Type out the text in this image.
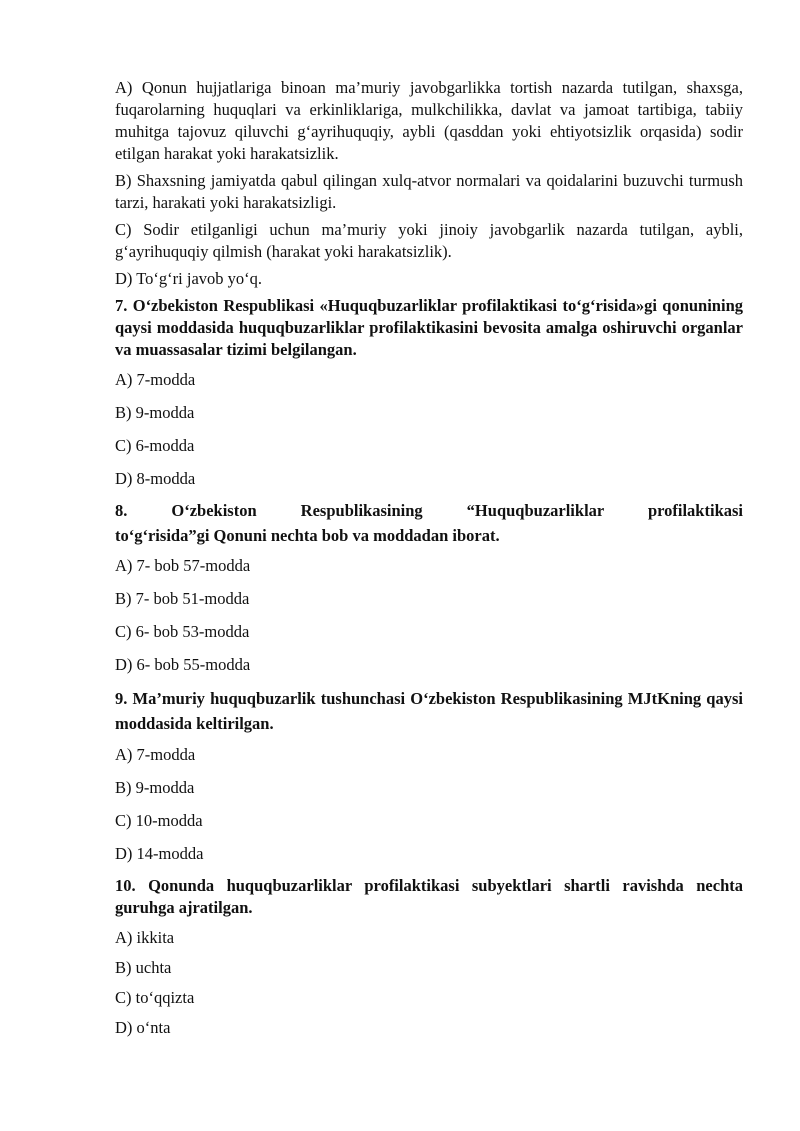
A) Qonun hujjatlariga binoan ma’muriy javobgarlikka tortish nazarda tutilgan, shaxsga, fuqarolarning huquqlari va erkinliklariga, mulkchilikka, davlat va jamoat tartibiga, tabiiy muhitga tajovuz qiluvchi g‘ayrihuquqiy, aybli (qasddan yoki ehtiyotsizlik orqasida) sodir etilgan harakat yoki harakatsizlik.

B) Shaxsning jamiyatda qabul qilingan xulq-atvor normalari va qoidalarini buzuvchi turmush tarzi, harakati yoki harakatsizligi.

C) Sodir etilganligi uchun ma’muriy yoki jinoiy javobgarlik nazarda tutilgan, aybli, g‘ayrihuquqiy qilmish (harakat yoki harakatsizlik).

D) To‘g‘ri javob yo‘q.

7. O‘zbekiston Respublikasi «Huquqbuzarliklar profilaktikasi to‘g‘risida»gi qonunining qaysi moddasida huquqbuzarliklar profilaktikasini bevosita amalga oshiruvchi organlar va muassasalar tizimi belgilangan.

A) 7-modda

B) 9-modda

C) 6-modda

D) 8-modda

8. O‘zbekiston Respublikasining “Huquqbuzarliklar profilaktikasi

to‘g‘risida”gi Qonuni nechta bob va moddadan iborat.

A) 7- bob 57-modda

B) 7- bob 51-modda

C) 6- bob 53-modda

D) 6- bob 55-modda

9. Ma’muriy huquqbuzarlik tushunchasi O‘zbekiston Respublikasining MJtKning qaysi moddasida keltirilgan.

A) 7-modda

B) 9-modda

C) 10-modda

D) 14-modda

10. Qonunda huquqbuzarliklar profilaktikasi subyektlari shartli ravishda nechta guruhga ajratilgan.

A) ikkita

B) uchta

C) to‘qqizta

D) o‘nta
